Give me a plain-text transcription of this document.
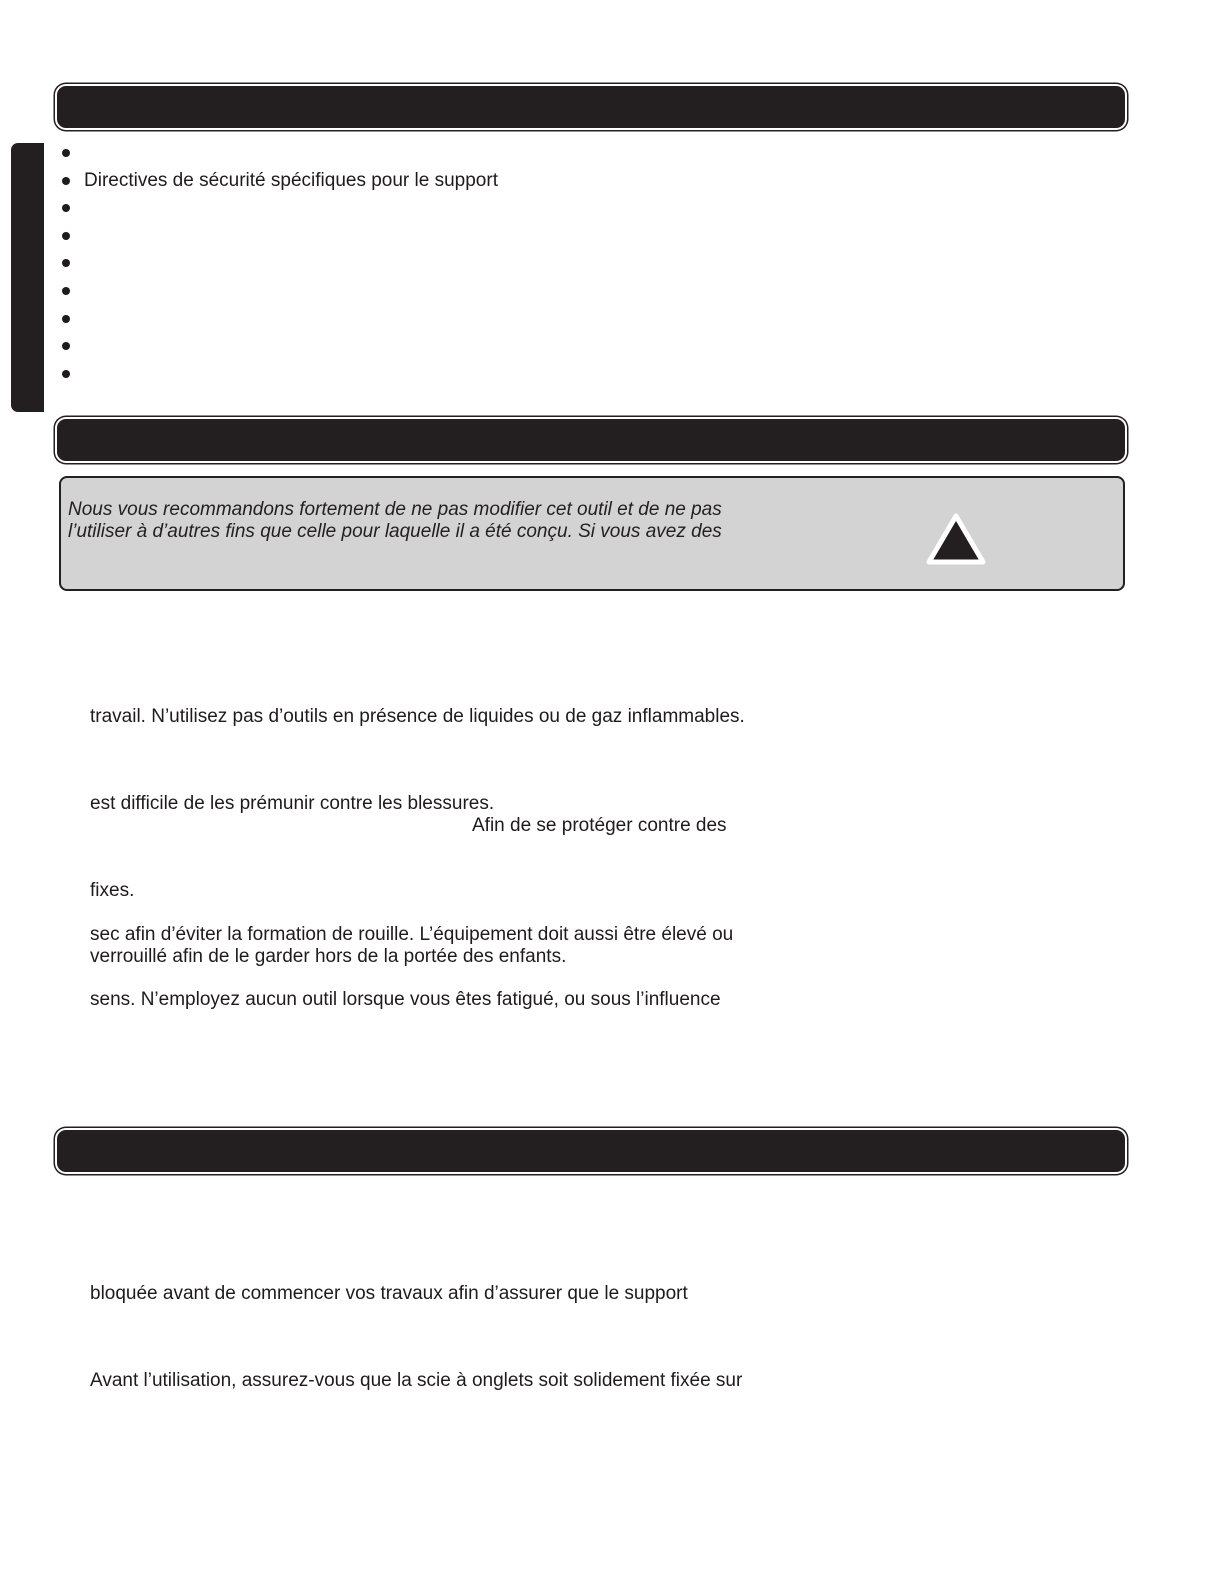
Directives de sécurité spécifiques pour le support

Nous vous recommandons fortement de ne pas modifier cet outil et de ne pas
l’utiliser à d’autres fins que celle pour laquelle il a été conçu. Si vous avez des

travail. N’utilisez pas d’outils en présence de liquides ou de gaz inflammables.

est difficile de les prémunir contre les blessures.

Afin de se protéger contre des

fixes.

sec afin d’éviter la formation de rouille. L’équipement doit aussi être élevé ou
verrouillé afin de le garder hors de la portée des enfants.

sens. N’employez aucun outil lorsque vous êtes fatigué, ou sous l’influence

bloquée avant de commencer vos travaux afin d’assurer que le support

Avant l’utilisation, assurez-vous que la scie à onglets soit solidement fixée sur
